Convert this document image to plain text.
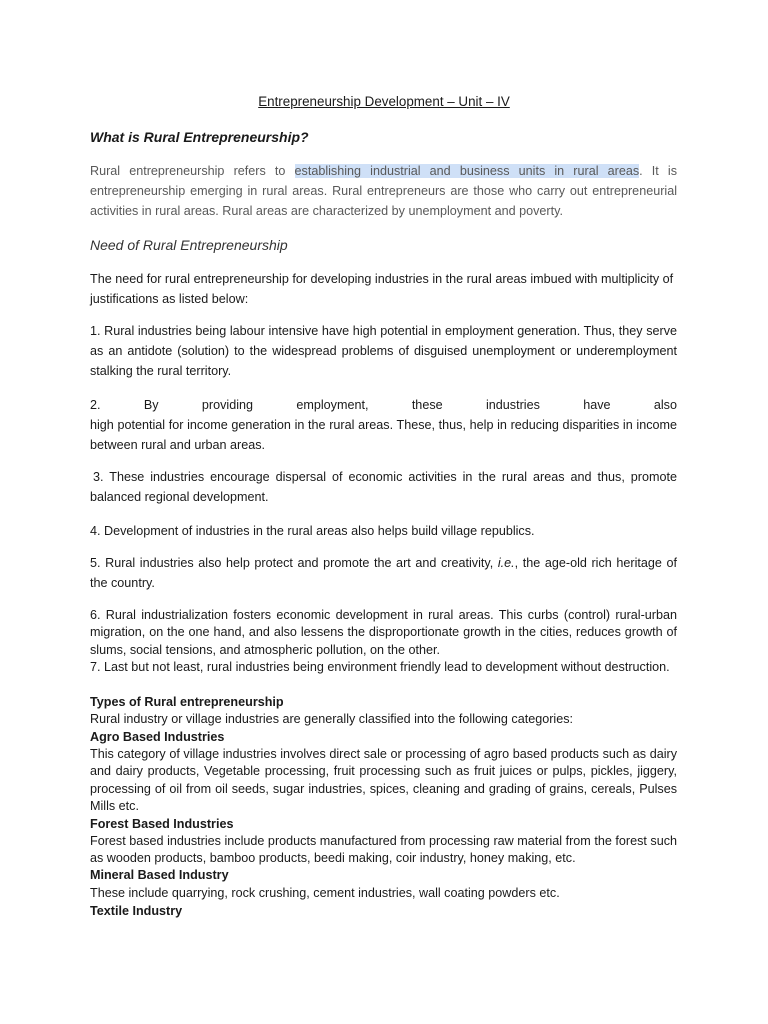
Entrepreneurship Development – Unit – IV
What is Rural Entrepreneurship?
Rural entrepreneurship refers to establishing industrial and business units in rural areas. It is entrepreneurship emerging in rural areas. Rural entrepreneurs are those who carry out entrepreneurial activities in rural areas. Rural areas are characterized by unemployment and poverty.
Need of Rural Entrepreneurship
The need for rural entrepreneurship for developing industries in the rural areas imbued with multiplicity of justifications as listed below:
1. Rural industries being labour intensive have high potential in employment generation. Thus, they serve as an antidote (solution) to the widespread problems of disguised unemployment or underemployment stalking the rural territory.
2.	By	providing	employment,	these	industries	have	also
high potential for income generation in the rural areas. These, thus, help in reducing disparities in income between rural and urban areas.
3. These industries encourage dispersal of economic activities in the rural areas and thus, promote balanced regional development.
4. Development of industries in the rural areas also helps build village republics.
5. Rural industries also help protect and promote the art and creativity, i.e., the age-old rich heritage of the country.
6. Rural industrialization fosters economic development in rural areas. This curbs (control) rural-urban migration, on the one hand, and also lessens the disproportionate growth in the cities, reduces growth of slums, social tensions, and atmospheric pollution, on the other.
7. Last but not least, rural industries being environment friendly lead to development without destruction.
Types of Rural entrepreneurship
Rural industry or village industries are generally classified into the following categories:
Agro Based Industries
This category of village industries involves direct sale or processing of agro based products such as dairy and dairy products, Vegetable processing, fruit processing such as fruit juices or pulps, pickles, jiggery, processing of oil from oil seeds, sugar industries, spices, cleaning and grading of grains, cereals, Pulses Mills etc.
Forest Based Industries
Forest based industries include products manufactured from processing raw material from the forest such as wooden products, bamboo products, beedi making, coir industry, honey making, etc.
Mineral Based Industry
These include quarrying, rock crushing, cement industries, wall coating powders etc.
Textile Industry
